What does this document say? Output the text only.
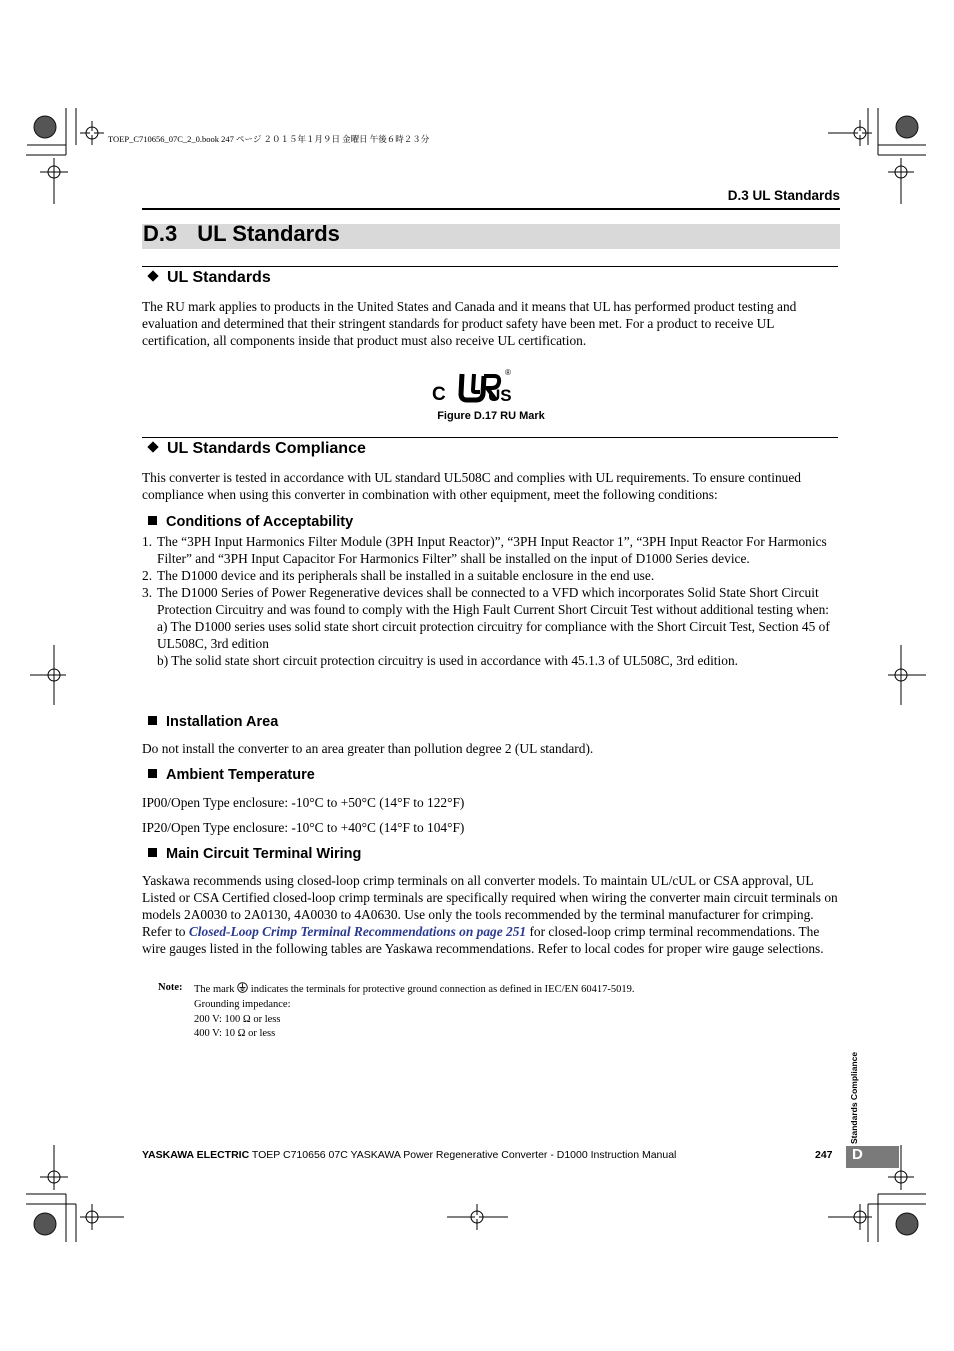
TOEP_C710656_07C_2_0.book 247 ページ ２０１５年１月９日 金曜日 午後６時２３分
D.3 UL Standards
D.3 UL Standards
UL Standards
The RU mark applies to products in the United States and Canada and it means that UL has performed product testing and evaluation and determined that their stringent standards for product safety have been met. For a product to receive UL certification, all components inside that product must also receive UL certification.
C US
®
Figure D.17 RU Mark
UL Standards Compliance
This converter is tested in accordance with UL standard UL508C and complies with UL requirements. To ensure continued compliance when using this converter in combination with other equipment, meet the following conditions:
Conditions of Acceptability
1. The “3PH Input Harmonics Filter Module (3PH Input Reactor)”, “3PH Input Reactor 1”, “3PH Input Reactor For Harmonics Filter” and “3PH Input Capacitor For Harmonics Filter” shall be installed on the input of D1000 Series device.
2. The D1000 device and its peripherals shall be installed in a suitable enclosure in the end use.
3. The D1000 Series of Power Regenerative devices shall be connected to a VFD which incorporates Solid State Short Circuit Protection Circuitry and was found to comply with the High Fault Current Short Circuit Test without additional testing when:
a) The D1000 series uses solid state short circuit protection circuitry for compliance with the Short Circuit Test, Section 45 of UL508C, 3rd edition
b) The solid state short circuit protection circuitry is used in accordance with 45.1.3 of UL508C, 3rd edition.
Installation Area
Do not install the converter to an area greater than pollution degree 2 (UL standard).
Ambient Temperature
IP00/Open Type enclosure: -10°C to +50°C (14°F to 122°F)
IP20/Open Type enclosure: -10°C to +40°C (14°F to 104°F)
Main Circuit Terminal Wiring
Yaskawa recommends using closed-loop crimp terminals on all converter models. To maintain UL/cUL or CSA approval, UL Listed or CSA Certified closed-loop crimp terminals are specifically required when wiring the converter main circuit terminals on models 2A0030 to 2A0130, 4A0030 to 4A0630. Use only the tools recommended by the terminal manufacturer for crimping. Refer to Closed-Loop Crimp Terminal Recommendations on page 251 for closed-loop crimp terminal recommendations. The wire gauges listed in the following tables are Yaskawa recommendations. Refer to local codes for proper wire gauge selections.
Note: The mark  indicates the terminals for protective ground connection as defined in IEC/EN 60417-5019.
Grounding impedance:
200 V: 100 Ω or less
400 V: 10 Ω or less
Standards Compliance
YASKAWA ELECTRIC TOEP C710656 07C YASKAWA Power Regenerative Converter - D1000 Instruction Manual	247 D
